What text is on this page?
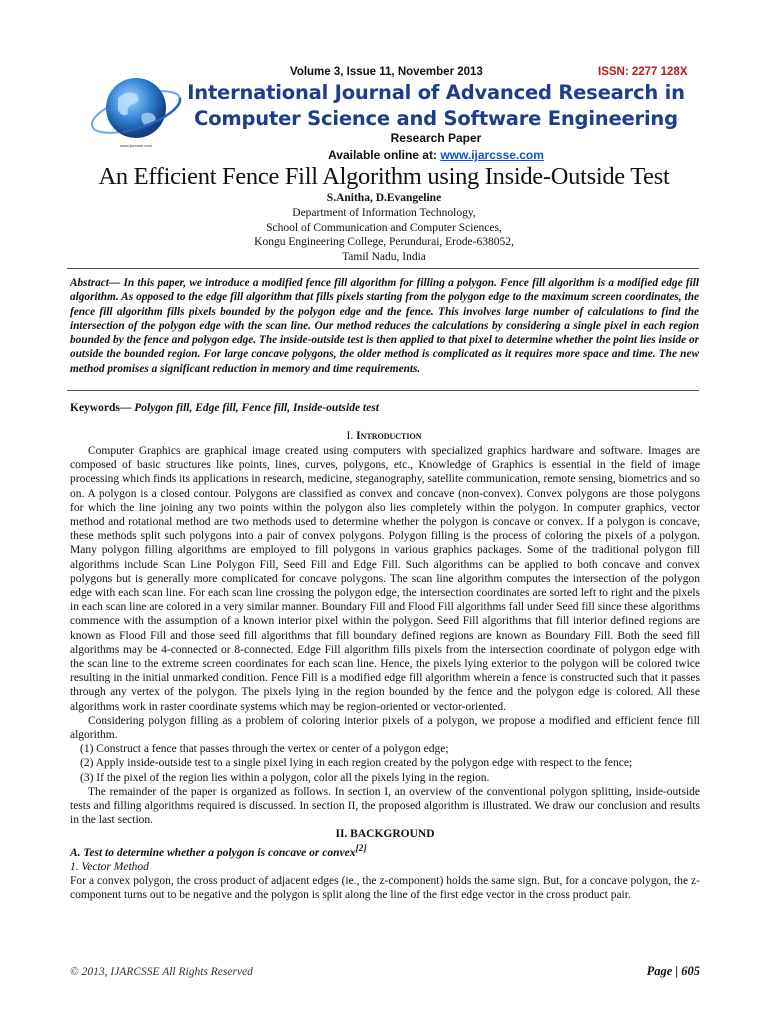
www.ijarcsse.com
Volume 3, Issue 11, November 2013	ISSN: 2277 128X
International Journal of Advanced Research in
Computer Science and Software Engineering
Research Paper
Available online at: www.ijarcsse.com
An Efficient Fence Fill Algorithm using Inside-Outside Test
S.Anitha, D.Evangeline
Department of Information Technology,
School of Communication and Computer Sciences,
Kongu Engineering College, Perundurai, Erode-638052,
Tamil Nadu, India
Abstract— In this paper, we introduce a modified fence fill algorithm for filling a polygon. Fence fill algorithm is a modified edge fill algorithm. As opposed to the edge fill algorithm that fills pixels starting from the polygon edge to the maximum screen coordinates, the fence fill algorithm fills pixels bounded by the polygon edge and the fence. This involves large number of calculations to find the intersection of the polygon edge with the scan line. Our method reduces the calculations by considering a single pixel in each region bounded by the fence and polygon edge. The inside-outside test is then applied to that pixel to determine whether the point lies inside or outside the bounded region. For large concave polygons, the older method is complicated as it requires more space and time. The new method promises a significant reduction in memory and time requirements.
Keywords— Polygon fill, Edge fill, Fence fill, Inside-outside test
I. Introduction

Computer Graphics are graphical image created using computers with specialized graphics hardware and software. Images are composed of basic structures like points, lines, curves, polygons, etc., Knowledge of Graphics is essential in the field of image processing which finds its applications in research, medicine, steganography, satellite communication, remote sensing, biometrics and so on. A polygon is a closed contour. Polygons are classified as convex and concave (non-convex). Convex polygons are those polygons for which the line joining any two points within the polygon also lies completely within the polygon. In computer graphics, vector method and rotational method are two methods used to determine whether the polygon is concave or convex. If a polygon is concave, these methods split such polygons into a pair of convex polygons. Polygon filling is the process of coloring the pixels of a polygon. Many polygon filling algorithms are employed to fill polygons in various graphics packages. Some of the traditional polygon fill algorithms include Scan Line Polygon Fill, Seed Fill and Edge Fill. Such algorithms can be applied to both concave and convex polygons but is generally more complicated for concave polygons. The scan line algorithm computes the intersection of the polygon edge with each scan line. For each scan line crossing the polygon edge, the intersection coordinates are sorted left to right and the pixels in each scan line are colored in a very similar manner. Boundary Fill and Flood Fill algorithms fall under Seed fill since these algorithms commence with the assumption of a known interior pixel within the polygon. Seed Fill algorithms that fill interior defined regions are known as Flood Fill and those seed fill algorithms that fill boundary defined regions are known as Boundary Fill. Both the seed fill algorithms may be 4-connected or 8-connected. Edge Fill algorithm fills pixels from the intersection coordinate of polygon edge with the scan line to the extreme screen coordinates for each scan line. Hence, the pixels lying exterior to the polygon will be colored twice resulting in the initial unmarked condition. Fence Fill is a modified edge fill algorithm wherein a fence is constructed such that it passes through any vertex of the polygon. The pixels lying in the region bounded by the fence and the polygon edge is colored. All these algorithms work in raster coordinate systems which may be region-oriented or vector-oriented.

Considering polygon filling as a problem of coloring interior pixels of a polygon, we propose a modified and efficient fence fill algorithm.

(1) Construct a fence that passes through the vertex or center of a polygon edge;
(2) Apply inside-outside test to a single pixel lying in each region created by the polygon edge with respect to the fence;
(3) If the pixel of the region lies within a polygon, color all the pixels lying in the region.

The remainder of the paper is organized as follows. In section I, an overview of the conventional polygon splitting, inside-outside tests and filling algorithms required is discussed. In section II, the proposed algorithm is illustrated. We draw our conclusion and results in the last section.

II. BACKGROUND
A. Test to determine whether a polygon is concave or convex[2]
1. Vector Method

For a convex polygon, the cross product of adjacent edges (ie., the z-component) holds the same sign. But, for a concave polygon, the z-component turns out to be negative and the polygon is split along the line of the first edge vector in the cross product pair.

© 2013, IJARCSSE All Rights Reserved	Page | 605
